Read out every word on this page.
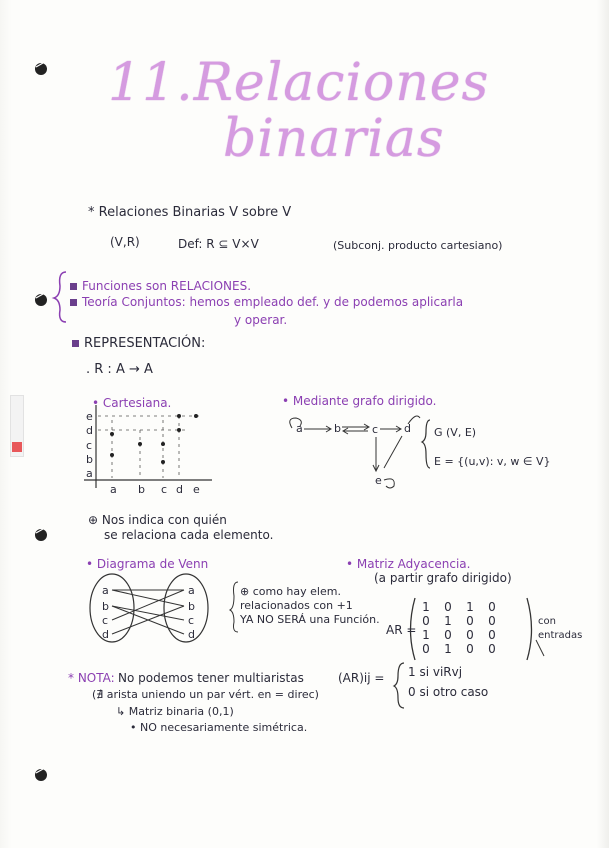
11.Relaciones
binarias
* Relaciones Binarias V sobre V
(V,R)	Def: R ⊆ V×V	(Subconj. producto cartesiano)
Funciones son RELACIONES.
Teoría Conjuntos: hemos empleado def. y de podemos aplicarla
y operar.
REPRESENTACIÓN:
. R : A → A
• Cartesiana.	• Mediante grafo dirigido.
e
d
c
b
a
a b c d e
a	b	c d
e
G (V, E)
E = {(u,v): v, w ∈ V}
a
b
c
d
a
b
c
d
⊕ Nos indica con quién
se relaciona cada elemento.
• Diagrama de Venn
⊕ como hay elem.
relacionados con +1
YA NO SERÁ una Función.
• Matriz Adyacencia.
(a partir grafo dirigido)
AR =
1	0	1	0
0	1	0	0
1	0	0	0
0	1	0	0
con
entradas
* NOTA: No podemos tener multiaristas	(AR)ij = 1 si viRvj
0 si otro caso
(∄ arista uniendo un par vért. en = direc)
↳ Matriz binaria (0,1)
• NO necesariamente simétrica.
